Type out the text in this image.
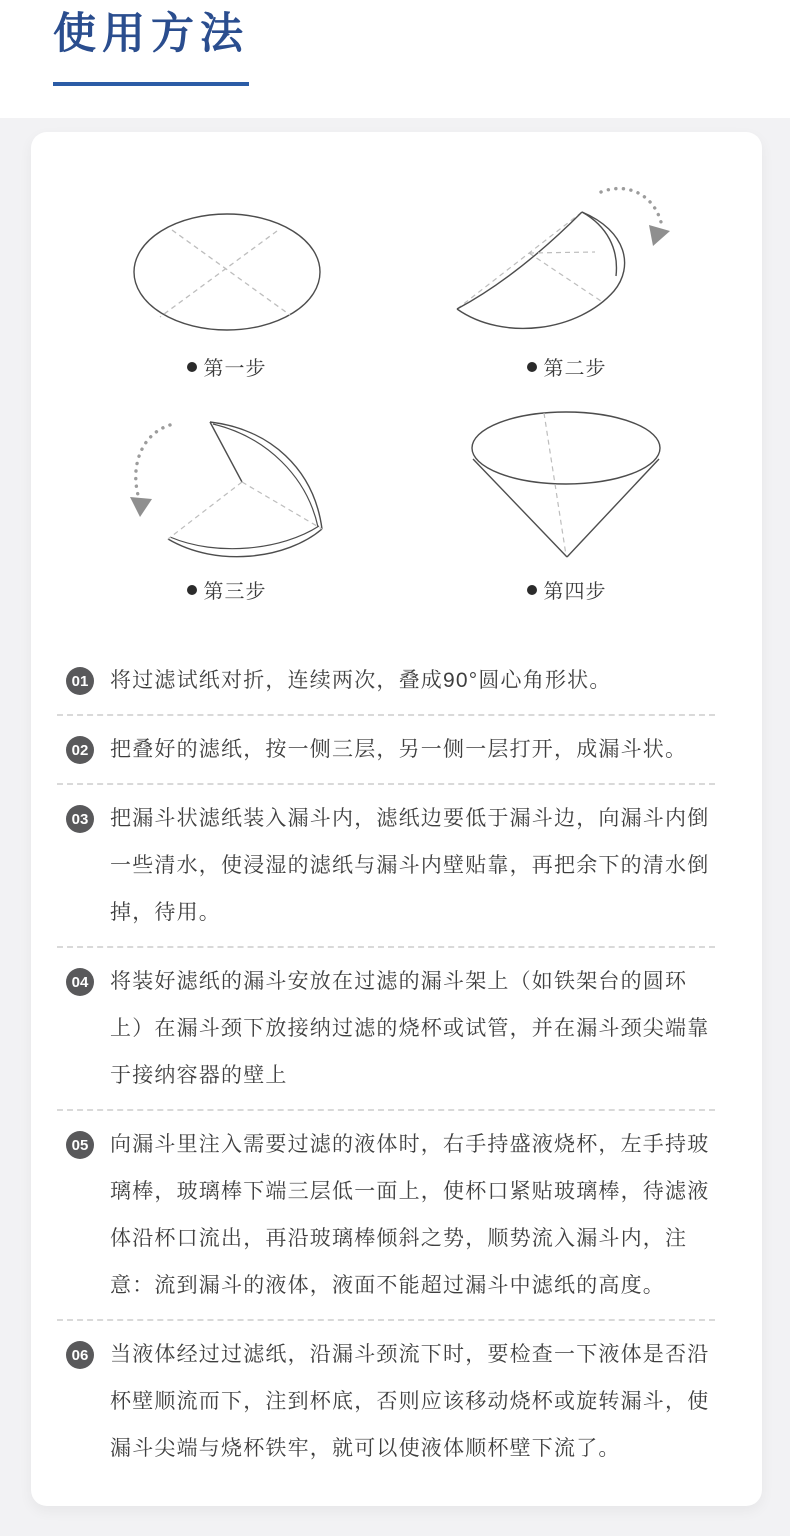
使用方法
第一步	第二步
第三步	第四步
01 将过滤试纸对折，连续两次，叠成90°圆心角形状。

02 把叠好的滤纸，按一侧三层，另一侧一层打开，成漏斗状。

03 把漏斗状滤纸装入漏斗内，滤纸边要低于漏斗边，向漏斗内倒一些清水，使浸湿的滤纸与漏斗内壁贴靠，再把余下的清水倒掉，待用。

04 将装好滤纸的漏斗安放在过滤的漏斗架上（如铁架台的圆环上）在漏斗颈下放接纳过滤的烧杯或试管，并在漏斗颈尖端靠于接纳容器的壁上

05 向漏斗里注入需要过滤的液体时，右手持盛液烧杯，左手持玻璃棒，玻璃棒下端三层低一面上，使杯口紧贴玻璃棒，待滤液体沿杯口流出，再沿玻璃棒倾斜之势，顺势流入漏斗内，注意：流到漏斗的液体，液面不能超过漏斗中滤纸的高度。

06 当液体经过过滤纸，沿漏斗颈流下时，要检查一下液体是否沿杯壁顺流而下，注到杯底，否则应该移动烧杯或旋转漏斗，使漏斗尖端与烧杯铁牢，就可以使液体顺杯壁下流了。
